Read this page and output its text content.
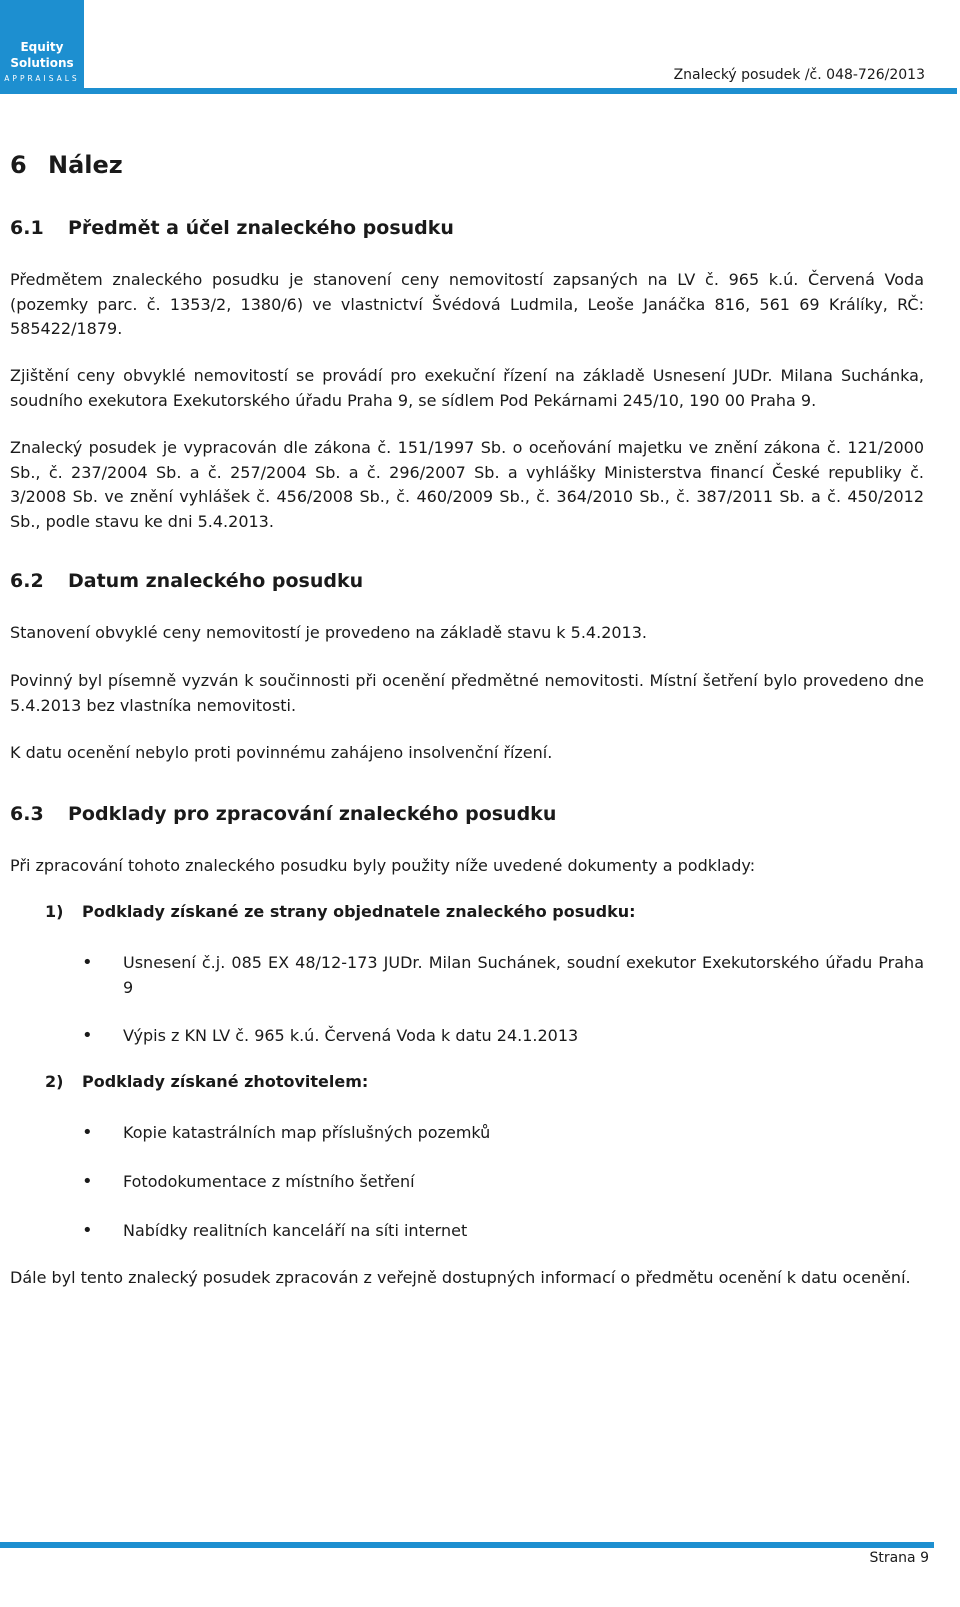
Equity
Solutions
APPRAISALS	Znalecký posudek /č. 048-726/2013
6 Nález
6.1 Předmět a účel znaleckého posudku
Předmětem znaleckého posudku je stanovení ceny nemovitostí zapsaných na LV č. 965 k.ú. Červená Voda (pozemky parc. č. 1353/2, 1380/6) ve vlastnictví Švédová Ludmila, Leoše Janáčka 816, 561 69 Králíky, RČ: 585422/1879.
Zjištění ceny obvyklé nemovitostí se provádí pro exekuční řízení na základě Usnesení JUDr. Milana Suchánka, soudního exekutora Exekutorského úřadu Praha 9, se sídlem Pod Pekárnami 245/10, 190 00 Praha 9.
Znalecký posudek je vypracován dle zákona č. 151/1997 Sb. o oceňování majetku ve znění zákona č. 121/2000 Sb., č. 237/2004 Sb. a č. 257/2004 Sb. a č. 296/2007 Sb. a vyhlášky Ministerstva financí České republiky č. 3/2008 Sb. ve znění vyhlášek č. 456/2008 Sb., č. 460/2009 Sb., č. 364/2010 Sb., č. 387/2011 Sb. a č. 450/2012 Sb., podle stavu ke dni 5.4.2013.
6.2 Datum znaleckého posudku
Stanovení obvyklé ceny nemovitostí je provedeno na základě stavu k 5.4.2013.
Povinný byl písemně vyzván k součinnosti při ocenění předmětné nemovitosti. Místní šetření bylo provedeno dne 5.4.2013 bez vlastníka nemovitosti.
K datu ocenění nebylo proti povinnému zahájeno insolvenční řízení.
6.3 Podklady pro zpracování znaleckého posudku
Při zpracování tohoto znaleckého posudku byly použity níže uvedené dokumenty a podklady:
1) Podklady získané ze strany objednatele znaleckého posudku:
• Usnesení č.j. 085 EX 48/12-173 JUDr. Milan Suchánek, soudní exekutor Exekutorského úřadu Praha 9
• Výpis z KN LV č. 965 k.ú. Červená Voda k datu 24.1.2013
2) Podklady získané zhotovitelem:
• Kopie katastrálních map příslušných pozemků
• Fotodokumentace z místního šetření
• Nabídky realitních kanceláří na síti internet
Dále byl tento znalecký posudek zpracován z veřejně dostupných informací o předmětu ocenění k datu ocenění.
Strana 9
